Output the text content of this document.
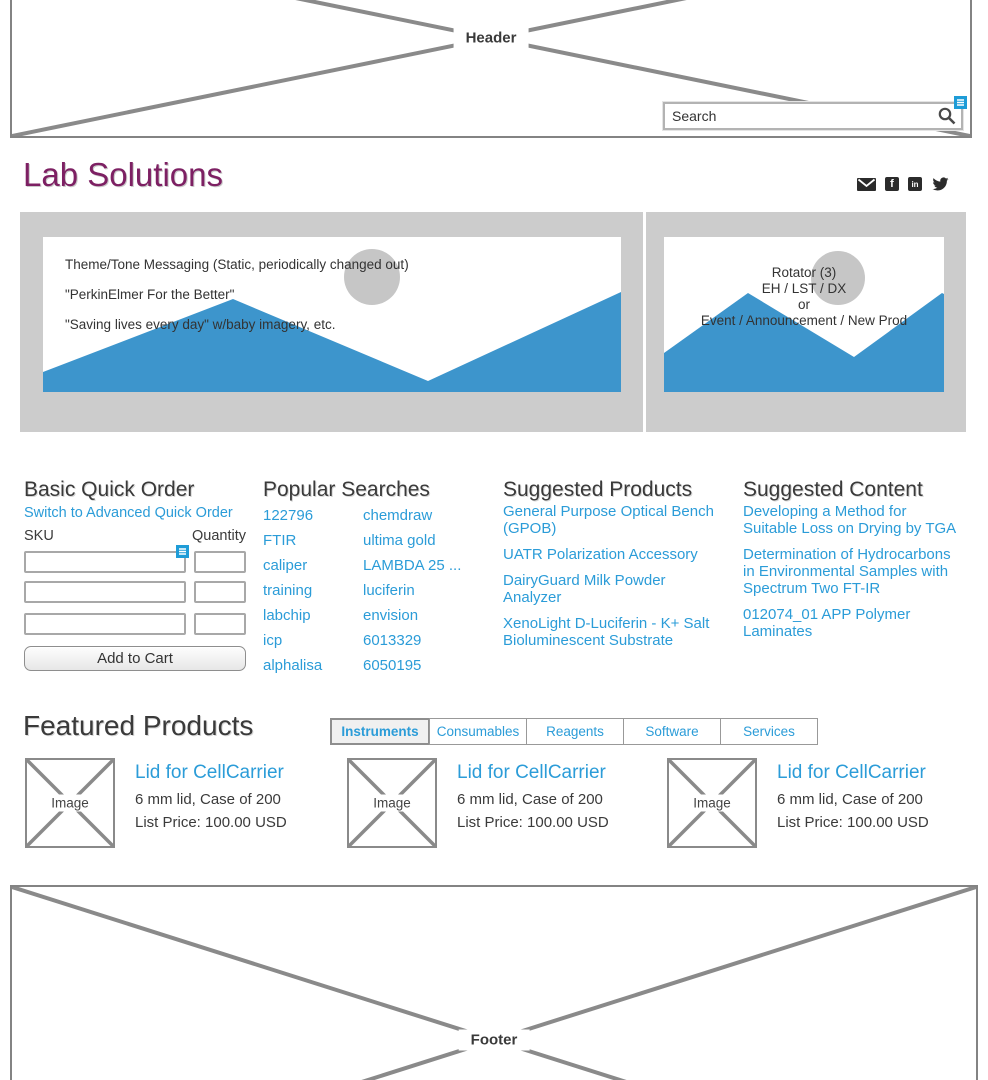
Header
Search
Lab Solutions	f	in
Theme/Tone Messaging (Static, periodically changed out)
"PerkinElmer For the Better"
"Saving lives every day" w/baby imagery, etc.
Rotator (3)
EH / LST / DX
or
Event / Announcement / New Prod
Basic Quick Order
Switch to Advanced Quick Order
SKU	Quantity
Add to Cart
Popular Searches
122796
FTIR
caliper
training
labchip
icp
alphalisa
chemdraw
ultima gold
LAMBDA 25 ...
luciferin
envision
6013329
6050195
Suggested Products
General Purpose Optical Bench (GPOB)
UATR Polarization Accessory
DairyGuard Milk Powder Analyzer
XenoLight D-Luciferin - K+ Salt Bioluminescent Substrate
Suggested Content
Developing a Method for Suitable Loss on Drying by TGA
Determination of Hydrocarbons in Environmental Samples with Spectrum Two FT-IR
012074_01 APP Polymer Laminates
Featured Products	Instruments	Consumables	Reagents	Software	Services
Image
Lid for CellCarrier
6 mm lid, Case of 200
List Price: 100.00 USD
Image
Lid for CellCarrier
6 mm lid, Case of 200
List Price: 100.00 USD
Image
Lid for CellCarrier
6 mm lid, Case of 200
List Price: 100.00 USD
Footer
